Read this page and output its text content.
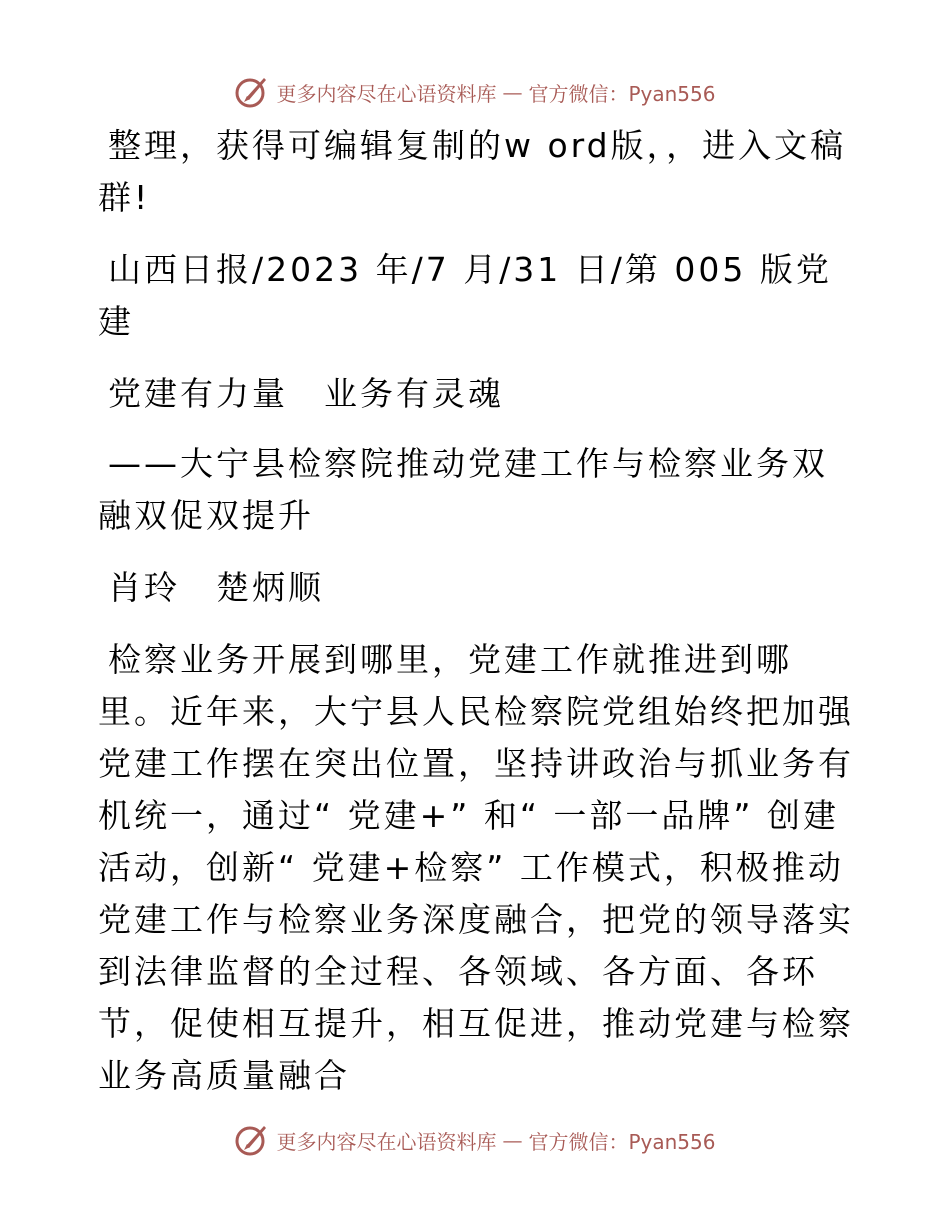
更多内容尽在心语资料库 — 官方微信：Pyan556

整理，获得可编辑复制的w ord版，，进入文稿群!

山西日报/2023 年/7 月/31 日/第 005 版党建

党建有力量　业务有灵魂

——大宁县检察院推动党建工作与检察业务双融双促双提升

肖玲　楚炳顺

检察业务开展到哪里，党建工作就推进到哪里。近年来，大宁县人民检察院党组始终把加强党建工作摆在突出位置，坚持讲政治与抓业务有机统一，通过“ 党建+” 和“ 一部一品牌” 创建活动，创新“ 党建+检察” 工作模式，积极推动党建工作与检察业务深度融合，把党的领导落实到法律监督的全过程、各领域、各方面、各环节，促使相互提升，相互促进，推动党建与检察业务高质量融合

更多内容尽在心语资料库 — 官方微信：Pyan556
